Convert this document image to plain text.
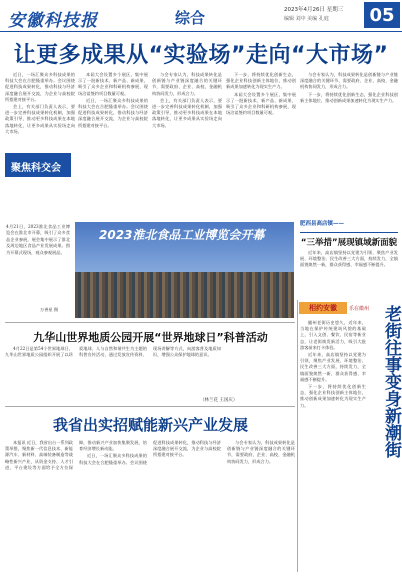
安徽科技报	综合	2023年4月26日 星期三
编辑 刘中 美编 孔庭	05
让更多成果从“实验场”走向“大市场”

近日，一场汇聚众多科技成果的科技大会在合肥隆重举办。会议围绕促进科技成果转化，推动科技与经济深度融合展开交流，为企业与高校院所搭建对接平台。

会上，有关部门负责人表示，要进一步完善科技成果转化机制，加强政策引导，推动更多科技成果在本地落地转化，让更多成果从实验场走向大市场。

聚焦科交会

本届大会设置多个展区，集中展示了一批新技术、新产品、新成果，吸引了众多企业和科研机构参展，现场洽谈签约项目数量可观。

近日，一场汇聚众多科技成果的科技大会在合肥隆重举办。会议围绕促进科技成果转化，推动科技与经济深度融合展开交流，为企业与高校院所搭建对接平台。

与会专家认为，科技成果转化是创新链与产业链深度融合的关键环节，需要政府、企业、高校、金融机构协同发力，形成合力。

会上，有关部门负责人表示，要进一步完善科技成果转化机制，加强政策引导，推动更多科技成果在本地落地转化，让更多成果从实验场走向大市场。

下一步，将持续优化创新生态，强化企业科技创新主体地位，推动创新成果加速转化为现实生产力。

本届大会设置多个展区，集中展示了一批新技术、新产品、新成果，吸引了众多企业和科研机构参展，现场洽谈签约项目数量可观。

与会专家认为，科技成果转化是创新链与产业链深度融合的关键环节，需要政府、企业、高校、金融机构协同发力，形成合力。

下一步，将持续优化创新生态，强化企业科技创新主体地位，推动创新成果加速转化为现实生产力。

4月21日，2023淮北食品工业博览会在淮北市开幕，吸引了众多食品企业参展，展会集中展示了淮北及周边地区食品产业发展成果。图为开幕式现场，观众参观展品。
万善星 摄
2023淮北食品工业博览会开幕
肥西县高店镇——
“三举措”展现镇域新面貌

近年来，高店镇坚持以党建为引领，聚焦产业发展、环境整治、民生改善三大方面，持续发力，全镇面貌焕然一新，群众获得感、幸福感不断提升。

九华山世界地质公园开展“世界地球日”科普活动

4月22日是第54个世界地球日，九华山世界地质公园组织开展了以珍爱地球、人与自然和谐共生为主题的科普宣传活动，通过发放宣传资料、现场讲解等方式，向游客普及地质知识，增强公众保护地球的意识。

（林兰花 王国庆）
我省出实招赋能新兴产业发展

本报讯 近日，我省出台一系列政策举措，聚焦新一代信息技术、新能源汽车、新材料、高端装备制造等战略性新兴产业，从资金支持、人才引进、平台建设等方面给予全方位保障，推动新兴产业加快集聚发展，培育经济增长新动能。

近日，一场汇聚众多科技成果的科技大会在合肥隆重举办。会议围绕促进科技成果转化，推动科技与经济深度融合展开交流，为企业与高校院所搭建对接平台。

与会专家认为，科技成果转化是创新链与产业链深度融合的关键环节，需要政府、企业、高校、金融机构协同发力，形成合力。

相约安徽	乐在徽州 老街往事变身新潮街

徽州老街历史悠久，近年来，当地在保护传统建筑风貌的基础上，引入文创、餐饮、民宿等新业态，让老街焕发新活力，吸引大批游客前来打卡体验。

近年来，高店镇坚持以党建为引领，聚焦产业发展、环境整治、民生改善三大方面，持续发力，全镇面貌焕然一新，群众获得感、幸福感不断提升。

下一步，将持续优化创新生态，强化企业科技创新主体地位，推动创新成果加速转化为现实生产力。
